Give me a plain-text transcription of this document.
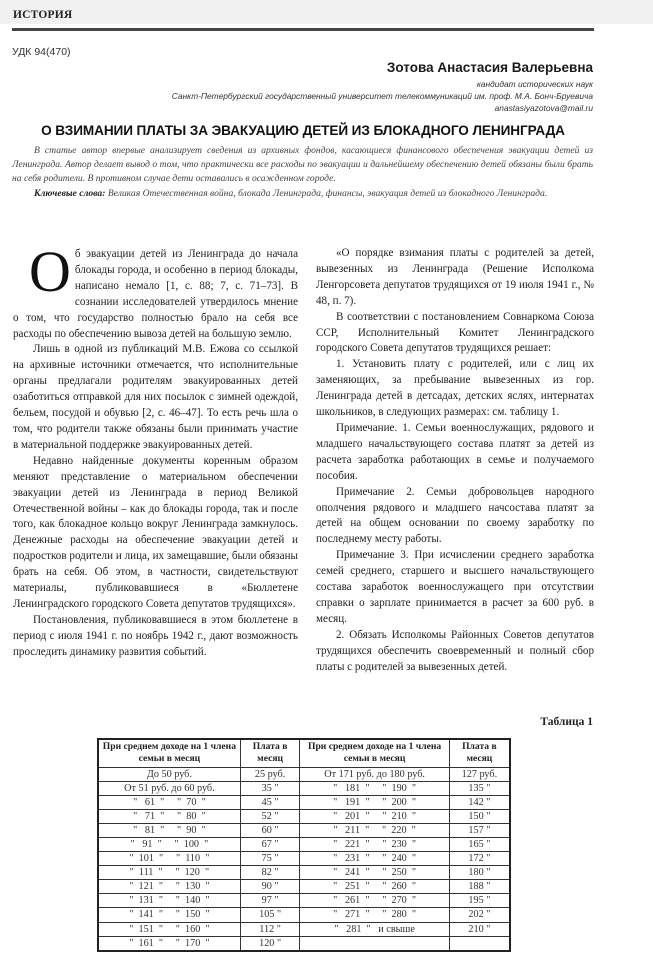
ИСТОРИЯ
УДК 94(470)
Зотова Анастасия Валерьевна
кандидат исторических наук
Санкт-Петербургский государственный университет телекоммуникаций им. проф. М.А. Бонч-Бруевича
anastasiyazotova@mail.ru
О ВЗИМАНИИ ПЛАТЫ ЗА ЭВАКУАЦИЮ ДЕТЕЙ ИЗ БЛОКАДНОГО ЛЕНИНГРАДА

В статье автор впервые анализирует сведения из архивных фондов, касающиеся финансового обеспечения эвакуации детей из Ленинграда. Автор делает вывод о том, что практически все расходы по эвакуации и дальнейшему обеспечению детей обязаны были брать на себя родители. В противном случае дети оставались в осажденном городе.

Ключевые слова: Великая Отечественная война, блокада Ленинграда, финансы, эвакуация детей из блокадного Ленинграда.

Об эвакуации детей из Ленинграда до начала блокады города, и особенно в период блокады, написано немало [1, с. 88; 7, с. 71–73]. В сознании исследователей утвердилось мнение о том, что государство полностью брало на себя все расходы по обеспечению вывоза детей на большую землю.

Лишь в одной из публикаций М.В. Ежова со ссылкой на архивные источники отмечается, что исполнительные органы предлагали родителям эвакуированных детей озаботиться отправкой для них посылок с зимней одеждой, бельем, посудой и обувью [2, с. 46–47]. То есть речь шла о том, что родители также обязаны были принимать участие в материальной поддержке эвакуированных детей.

Недавно найденные документы коренным образом меняют представление о материальном обеспечении эвакуации детей из Ленинграда в период Великой Отечественной войны – как до блокады города, так и после того, как блокадное кольцо вокруг Ленинграда замкнулось. Денежные расходы на обеспечение эвакуации детей и подростков родители и лица, их замещавшие, были обязаны брать на себя. Об этом, в частности, свидетельствуют материалы, публиковавшиеся в «Бюллетене Ленинградского городского Совета депутатов трудящихся».

Постановления, публиковавшиеся в этом бюллетене в период с июля 1941 г. по ноябрь 1942 г., дают возможность проследить динамику развития событий.

«О порядке взимания платы с родителей за детей, вывезенных из Ленинграда (Решение Исполкома Ленгорсовета депутатов трудящихся от 19 июля 1941 г., № 48, п. 7).

В соответствии с постановлением Совнаркома Союза ССР, Исполнительный Комитет Ленинградского городского Совета депутатов трудящихся решает:

1. Установить плату с родителей, или с лиц их заменяющих, за пребывание вывезенных из гор. Ленинграда детей в детсадах, детских яслях, интернатах школьников, в следующих размерах: см. таблицу 1.

Примечание. 1. Семьи военнослужащих, рядового и младшего начальствующего состава платят за детей из расчета заработка работающих в семье и получаемого пособия.

Примечание 2. Семьи добровольцев народного ополчения рядового и младшего начсостава платят за детей на общем основании по своему заработку по последнему месту работы.

Примечание 3. При исчислении среднего заработка семей среднего, старшего и высшего начальствующего состава заработок военнослужащего при отсутствии справки о зарплате принимается в расчет за 600 руб. в месяц.

2. Обязать Исполкомы Районных Советов депутатов трудящихся обеспечить своевременный и полный сбор платы с родителей за вывезенных детей.

Таблица 1
При среднем доходе на 1 члена семьи в месяц	Плата в месяц	При среднем доходе на 1 члена семьи в месяц	Плата в месяц
До 50 руб.	25 руб.	От 171 руб. до 180 руб.	127 руб.
От 51 руб. до 60 руб.	35 "	"   181  "     "  190  "	135 "
"   61  "     "  70  "	45 "	"   191  "     "  200  "	142 "
"   71  "     "  80  "	52 "	"   201  "     "  210  "	150 "
"   81  "     "  90  "	60 "	"   211  "     "  220  "	157 "
"   91  "     "  100  "	67 "	"   221  "     "  230  "	165 "
"  101  "     "  110  "	75 "	"   231  "     "  240  "	172 "
"  111  "     "  120  "	82 "	"   241  "     "  250  "	180 "
"  121  "     "  130  "	90 "	"   251  "     "  260  "	188 "
"  131  "     "  140  "	97 "	"   261  "     "  270  "	195 "
"  141  "     "  150  "	105 "	"   271  "     "  280  "	202 "
"  151  "     "  160  "	112 "	"   281  "   и свыше	210 "
"  161  "     "  170  "	120 "		
